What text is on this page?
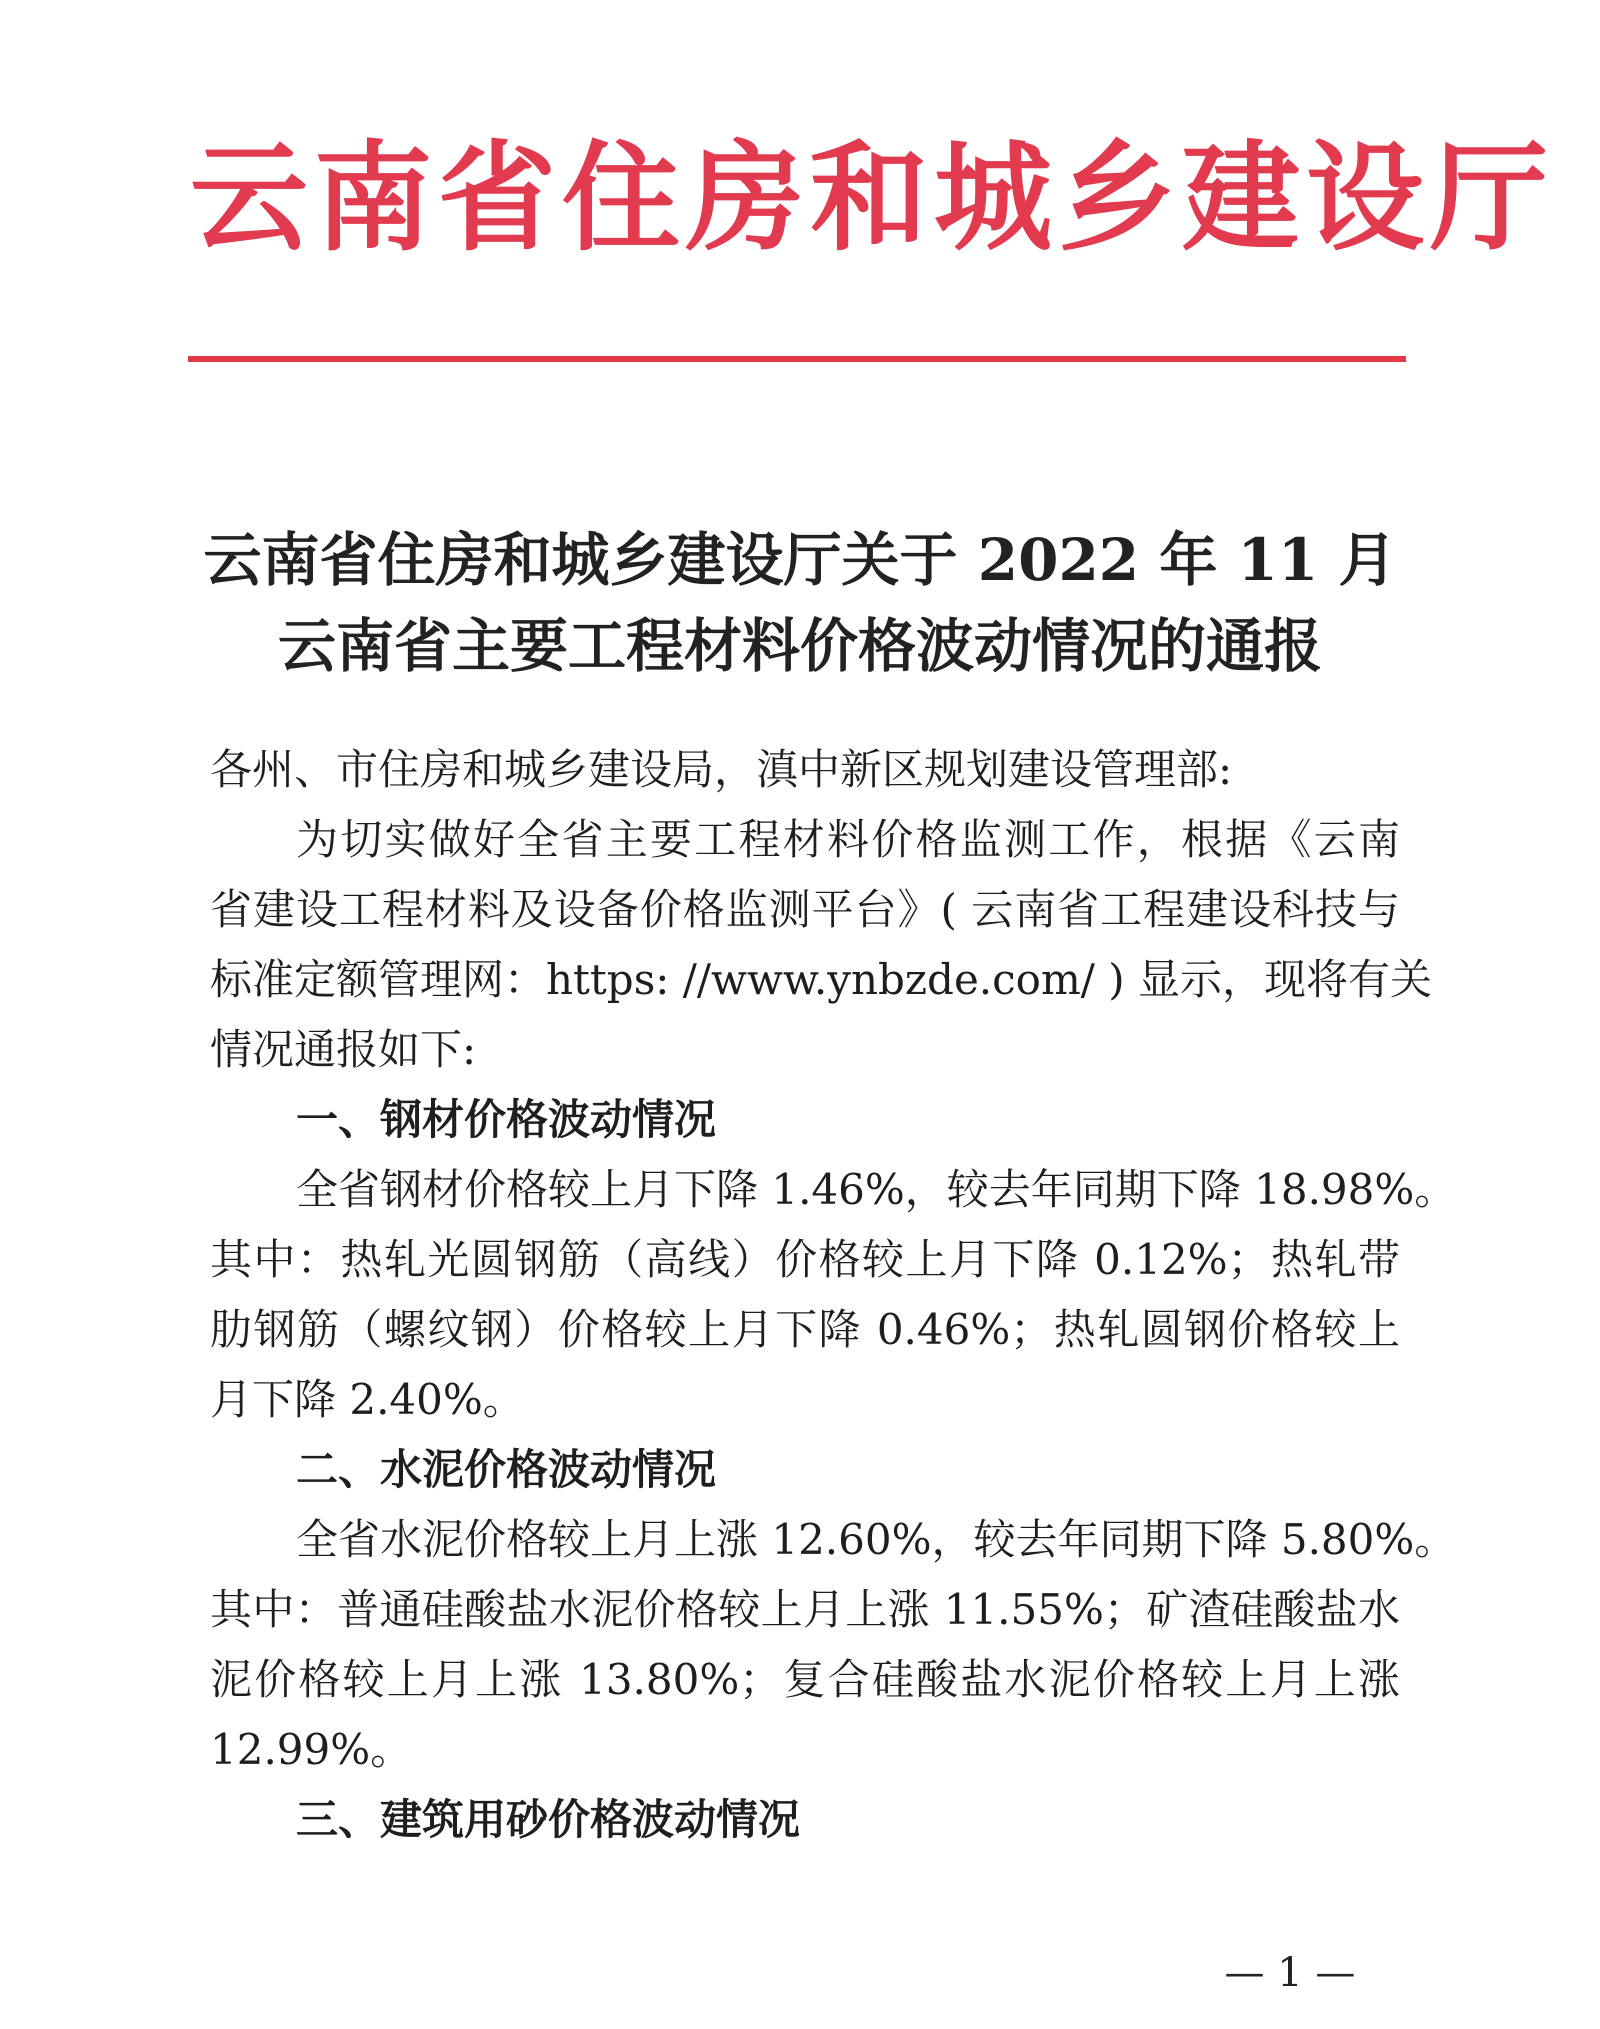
云南省住房和城乡建设厅
云南省住房和城乡建设厅关于 2022 年 11 月
云南省主要工程材料价格波动情况的通报
各州、市住房和城乡建设局，滇中新区规划建设管理部:
为切实做好全省主要工程材料价格监测工作，根据《云南
省建设工程材料及设备价格监测平台》( 云南省工程建设科技与
标准定额管理网：https: //www.ynbzde.com/ ) 显示，现将有关
情况通报如下:
一、钢材价格波动情况
全省钢材价格较上月下降 1.46%，较去年同期下降 18.98%。
其中：热轧光圆钢筋（高线）价格较上月下降 0.12%；热轧带
肋钢筋（螺纹钢）价格较上月下降 0.46%；热轧圆钢价格较上
月下降 2.40%。
二、水泥价格波动情况
全省水泥价格较上月上涨 12.60%，较去年同期下降 5.80%。
其中：普通硅酸盐水泥价格较上月上涨 11.55%；矿渣硅酸盐水
泥价格较上月上涨 13.80%；复合硅酸盐水泥价格较上月上涨
12.99%。
三、建筑用砂价格波动情况
— 1 —
